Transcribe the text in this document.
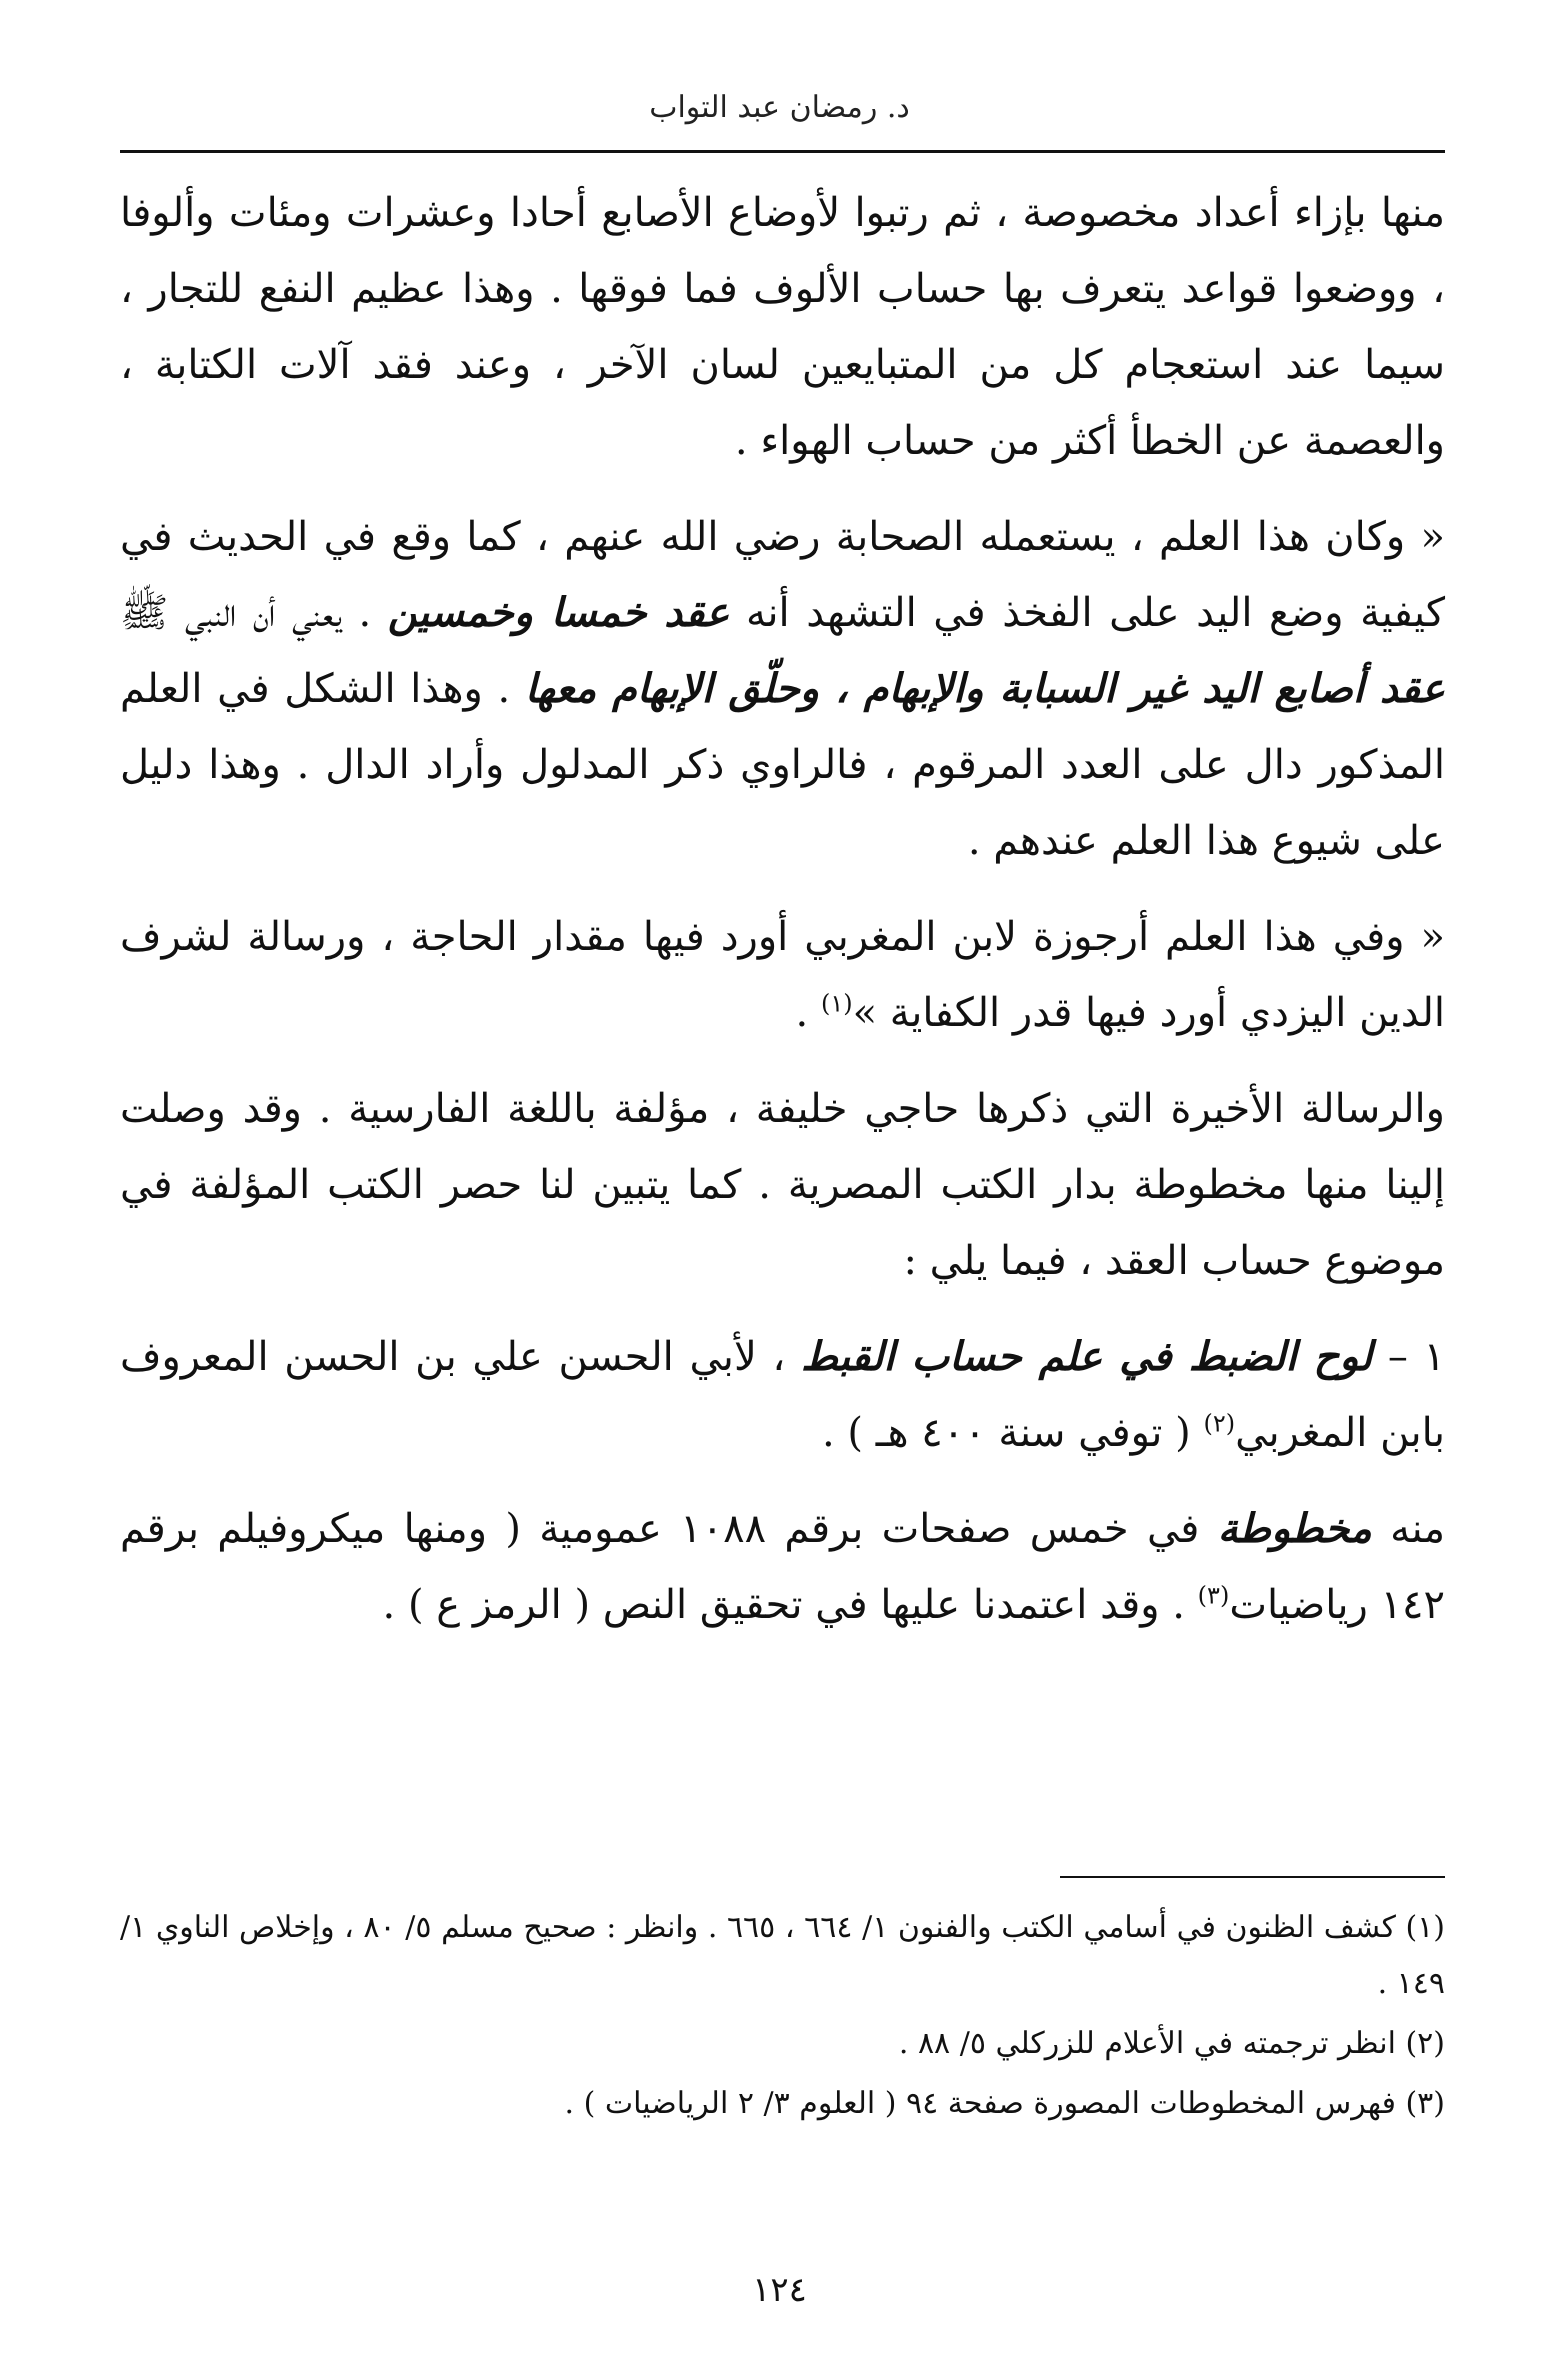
د. رمضان عبد التواب

منها بإزاء أعداد مخصوصة ، ثم رتبوا لأوضاع الأصابع أحادا وعشرات ومئات وألوفا ، ووضعوا قواعد يتعرف بها حساب الألوف فما فوقها . وهذا عظيم النفع للتجار ، سيما عند استعجام كل من المتبايعين لسان الآخر ، وعند فقد آلات الكتابة ، والعصمة عن الخطأ أكثر من حساب الهواء .

« وكان هذا العلم ، يستعمله الصحابة رضي الله عنهم ، كما وقع في الحديث في كيفية وضع اليد على الفخذ في التشهد أنه عقد خمسا وخمسين . يعني أن النبي ﷺ عقد أصابع اليد غير السبابة والإبهام ، وحلّق الإبهام معها . وهذا الشكل في العلم المذكور دال على العدد المرقوم ، فالراوي ذكر المدلول وأراد الدال . وهذا دليل على شيوع هذا العلم عندهم .

« وفي هذا العلم أرجوزة لابن المغربي أورد فيها مقدار الحاجة ، ورسالة لشرف الدين اليزدي أورد فيها قدر الكفاية »$^{(١)}$ .

والرسالة الأخيرة التي ذكرها حاجي خليفة ، مؤلفة باللغة الفارسية . وقد وصلت إلينا منها مخطوطة بدار الكتب المصرية . كما يتبين لنا حصر الكتب المؤلفة في موضوع حساب العقد ، فيما يلي :

١ – لوح الضبط في علم حساب القبط ، لأبي الحسن علي بن الحسن المعروف بابن المغربي$^{(٢)}$ ( توفي سنة ٤٠٠ هـ ) .

منه مخطوطة في خمس صفحات برقم ١٠٨٨ عمومية ( ومنها ميكروفيلم برقم ١٤٢ رياضيات$^{(٣)}$ . وقد اعتمدنا عليها في تحقيق النص ( الرمز ع ) .

(١) كشف الظنون في أسامي الكتب والفنون ١/ ٦٦٤ ، ٦٦٥ . وانظر : صحيح مسلم ٥/ ٨٠ ، وإخلاص الناوي ١/ ١٤٩ .

(٢) انظر ترجمته في الأعلام للزركلي ٥/ ٨٨ .

(٣) فهرس المخطوطات المصورة صفحة ٩٤ ( العلوم ٣/ ٢ الرياضيات ) .

١٢٤
